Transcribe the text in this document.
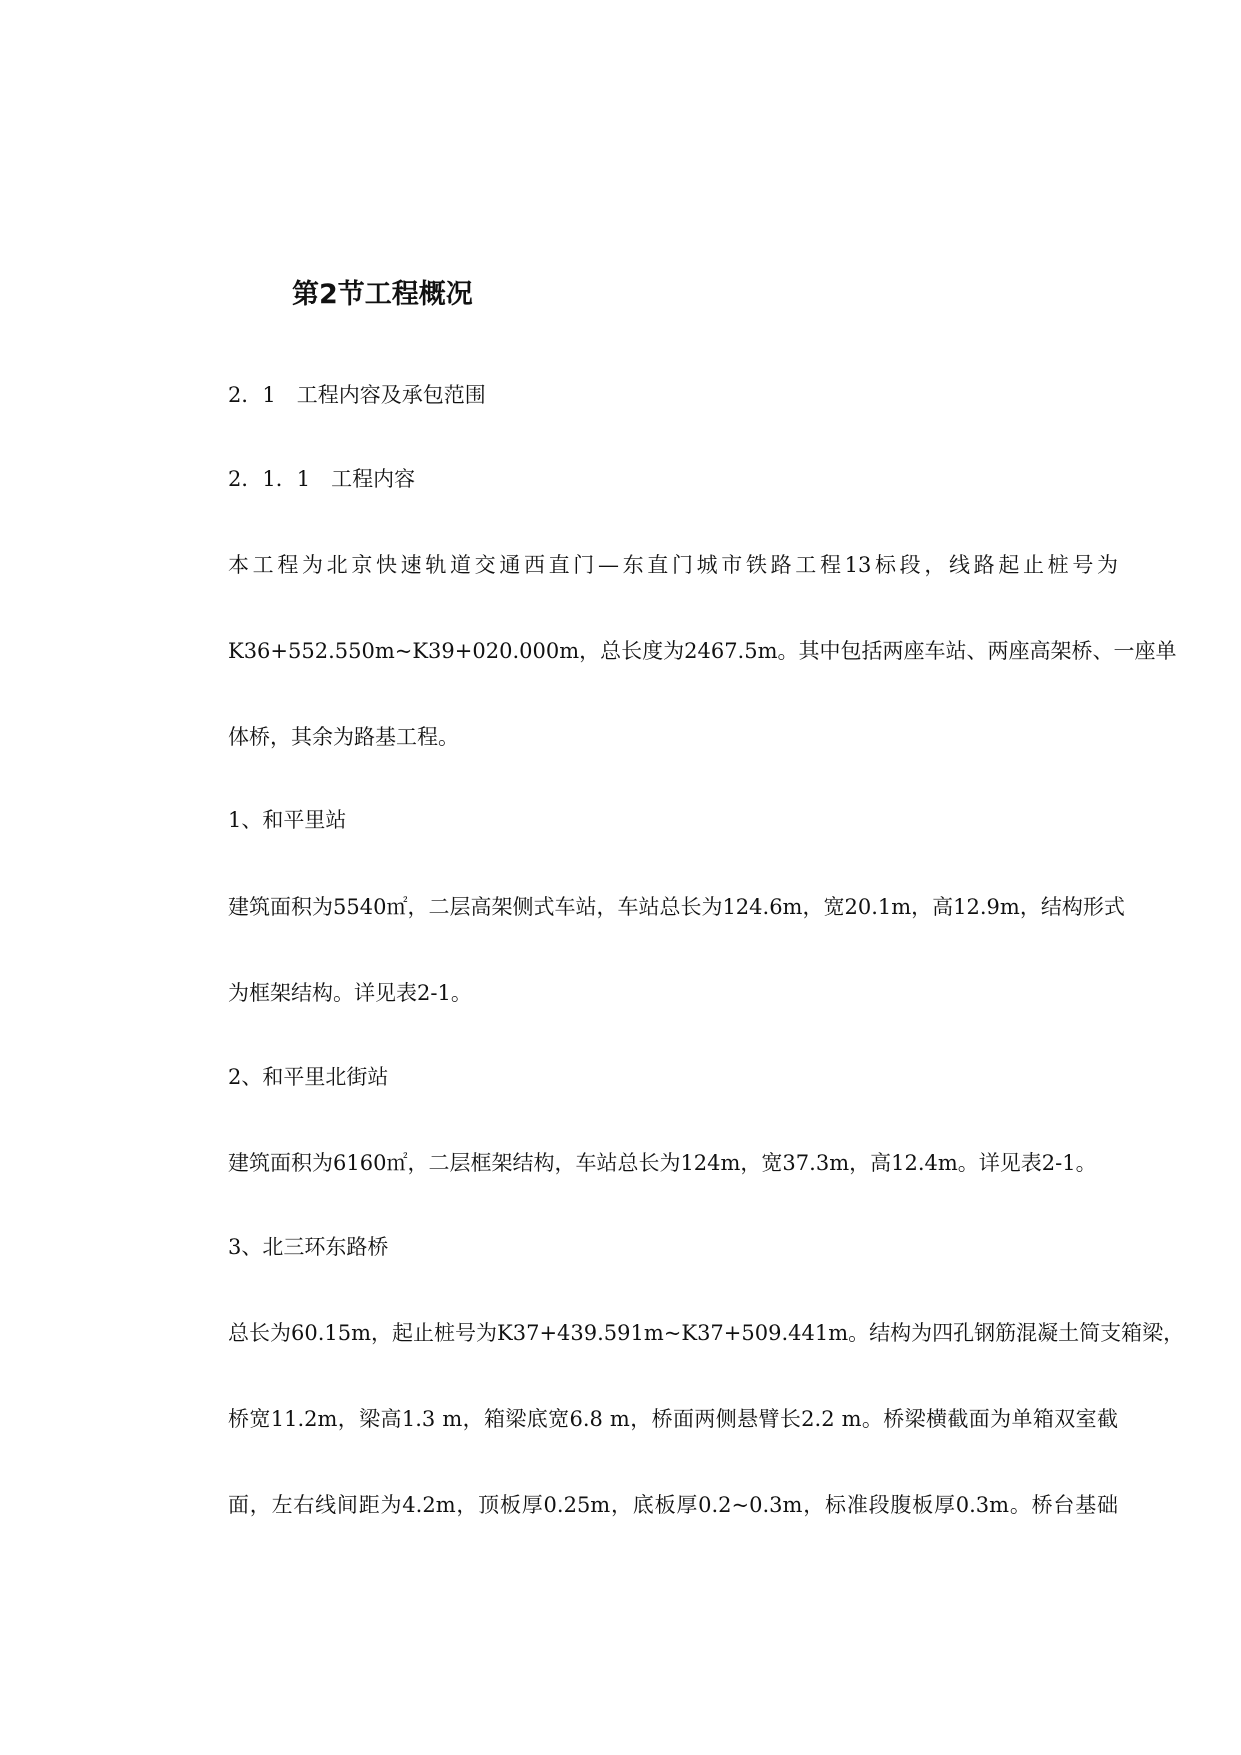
第2节工程概况
2．1　工程内容及承包范围
2．1．1　工程内容
本工程为北京快速轨道交通西直门—东直门城市铁路工程13标段，线路起止桩号为
K36+552.550m~K39+020.000m，总长度为2467.5m。其中包括两座车站、两座高架桥、一座单
体桥，其余为路基工程。
1、和平里站
建筑面积为5540㎡，二层高架侧式车站，车站总长为124.6m，宽20.1m，高12.9m，结构形式
为框架结构。详见表2-1。
2、和平里北街站
建筑面积为6160㎡，二层框架结构，车站总长为124m，宽37.3m，高12.4m。详见表2-1。
3、北三环东路桥
总长为60.15m，起止桩号为K37+439.591m~K37+509.441m。结构为四孔钢筋混凝土简支箱梁，
桥宽11.2m，梁高1.3 m，箱梁底宽6.8 m，桥面两侧悬臂长2.2 m。桥梁横截面为单箱双室截
面，左右线间距为4.2m，顶板厚0.25m，底板厚0.2~0.3m，标准段腹板厚0.3m。桥台基础
